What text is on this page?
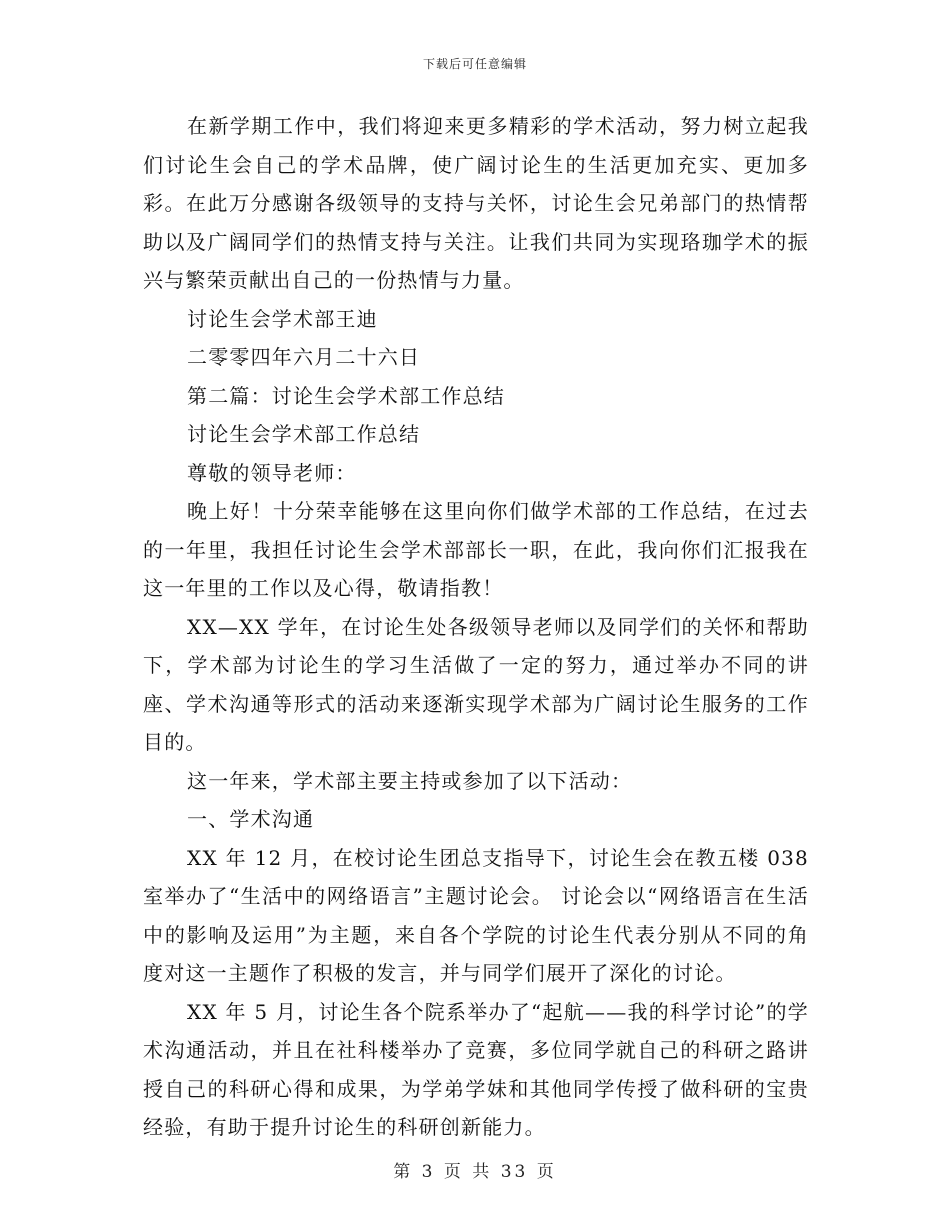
下载后可任意编辑

在新学期工作中，我们将迎来更多精彩的学术活动，努力树立起我们讨论生会自己的学术品牌，使广阔讨论生的生活更加充实、更加多彩。在此万分感谢各级领导的支持与关怀，讨论生会兄弟部门的热情帮助以及广阔同学们的热情支持与关注。让我们共同为实现珞珈学术的振兴与繁荣贡献出自己的一份热情与力量。

讨论生会学术部王迪

二零零四年六月二十六日

第二篇：讨论生会学术部工作总结

讨论生会学术部工作总结

尊敬的领导老师：

晚上好！十分荣幸能够在这里向你们做学术部的工作总结，在过去的一年里，我担任讨论生会学术部部长一职，在此，我向你们汇报我在这一年里的工作以及心得，敬请指教！

XX—XX 学年，在讨论生处各级领导老师以及同学们的关怀和帮助下，学术部为讨论生的学习生活做了一定的努力，通过举办不同的讲座、学术沟通等形式的活动来逐渐实现学术部为广阔讨论生服务的工作目的。

这一年来，学术部主要主持或参加了以下活动：

一、学术沟通

XX 年 12 月，在校讨论生团总支指导下，讨论生会在教五楼 038 室举办了“生活中的网络语言”主题讨论会。 讨论会以“网络语言在生活中的影响及运用”为主题，来自各个学院的讨论生代表分别从不同的角度对这一主题作了积极的发言，并与同学们展开了深化的讨论。

XX 年 5 月，讨论生各个院系举办了“起航——我的科学讨论”的学术沟通活动，并且在社科楼举办了竞赛，多位同学就自己的科研之路讲授自己的科研心得和成果，为学弟学妹和其他同学传授了做科研的宝贵经验，有助于提升讨论生的科研创新能力。

第 3 页 共 33 页
